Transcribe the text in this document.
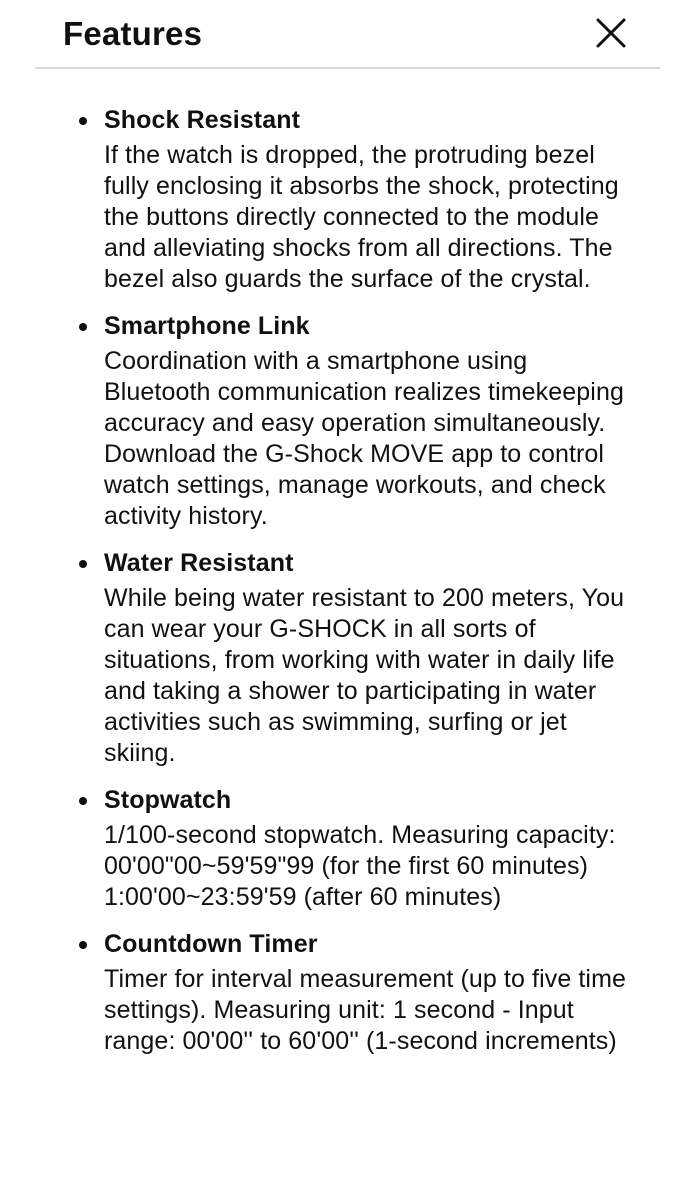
Features
Shock Resistant
If the watch is dropped, the protruding bezel fully enclosing it absorbs the shock, protecting the buttons directly connected to the module and alleviating shocks from all directions. The bezel also guards the surface of the crystal.
Smartphone Link
Coordination with a smartphone using Bluetooth communication realizes timekeeping accuracy and easy operation simultaneously. Download the G-Shock MOVE app to control watch settings, manage workouts, and check activity history.
Water Resistant
While being water resistant to 200 meters, You can wear your G-SHOCK in all sorts of situations, from working with water in daily life and taking a shower to participating in water activities such as swimming, surfing or jet skiing.
Stopwatch
1/100-second stopwatch. Measuring capacity: 00'00"00~59'59"99 (for the first 60 minutes) 1:00'00~23:59'59 (after 60 minutes)
Countdown Timer
Timer for interval measurement (up to five time settings). Measuring unit: 1 second - Input range: 00'00'' to 60'00'' (1-second increments)
